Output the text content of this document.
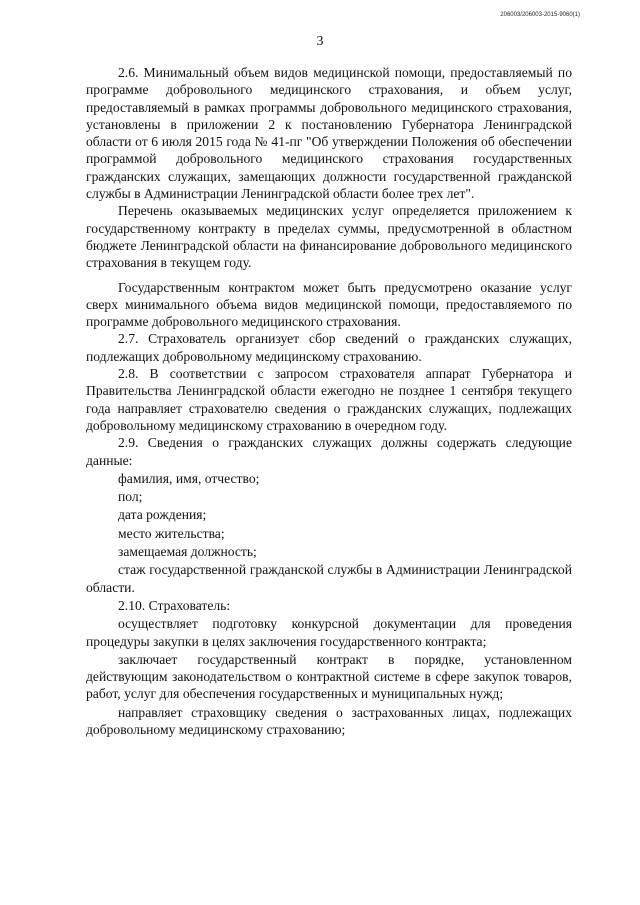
206003/206003-2015-9060(1)
3

2.6. Минимальный объем видов медицинской помощи, предоставляемый по программе добровольного медицинского страхования, и объем услуг, предоставляемый в рамках программы добровольного медицинского страхования, установлены в приложении 2 к постановлению Губернатора Ленинградской области от 6 июля 2015 года № 41-пг "Об утверждении Положения об обеспечении программой добровольного медицинского страхования государственных гражданских служащих, замещающих должности государственной гражданской службы в Администрации Ленинградской области более трех лет".

Перечень оказываемых медицинских услуг определяется приложением к государственному контракту в пределах суммы, предусмотренной в областном бюджете Ленинградской области на финансирование добровольного медицинского страхования в текущем году.

Государственным контрактом может быть предусмотрено оказание услуг сверх минимального объема видов медицинской помощи, предоставляемого по программе добровольного медицинского страхования.

2.7. Страхователь организует сбор сведений о гражданских служащих, подлежащих добровольному медицинскому страхованию.

2.8. В соответствии с запросом страхователя аппарат Губернатора и Правительства Ленинградской области ежегодно не позднее 1 сентября текущего года направляет страхователю сведения о гражданских служащих, подлежащих добровольному медицинскому страхованию в очередном году.

2.9. Сведения о гражданских служащих должны содержать следующие данные:

фамилия, имя, отчество;

пол;

дата рождения;

место жительства;

замещаемая должность;

стаж государственной гражданской службы в Администрации Ленинградской области.

2.10. Страхователь:

осуществляет подготовку конкурсной документации для проведения процедуры закупки в целях заключения государственного контракта;

заключает государственный контракт в порядке, установленном действующим законодательством о контрактной системе в сфере закупок товаров, работ, услуг для обеспечения государственных и муниципальных нужд;

направляет страховщику сведения о застрахованных лицах, подлежащих добровольному медицинскому страхованию;
